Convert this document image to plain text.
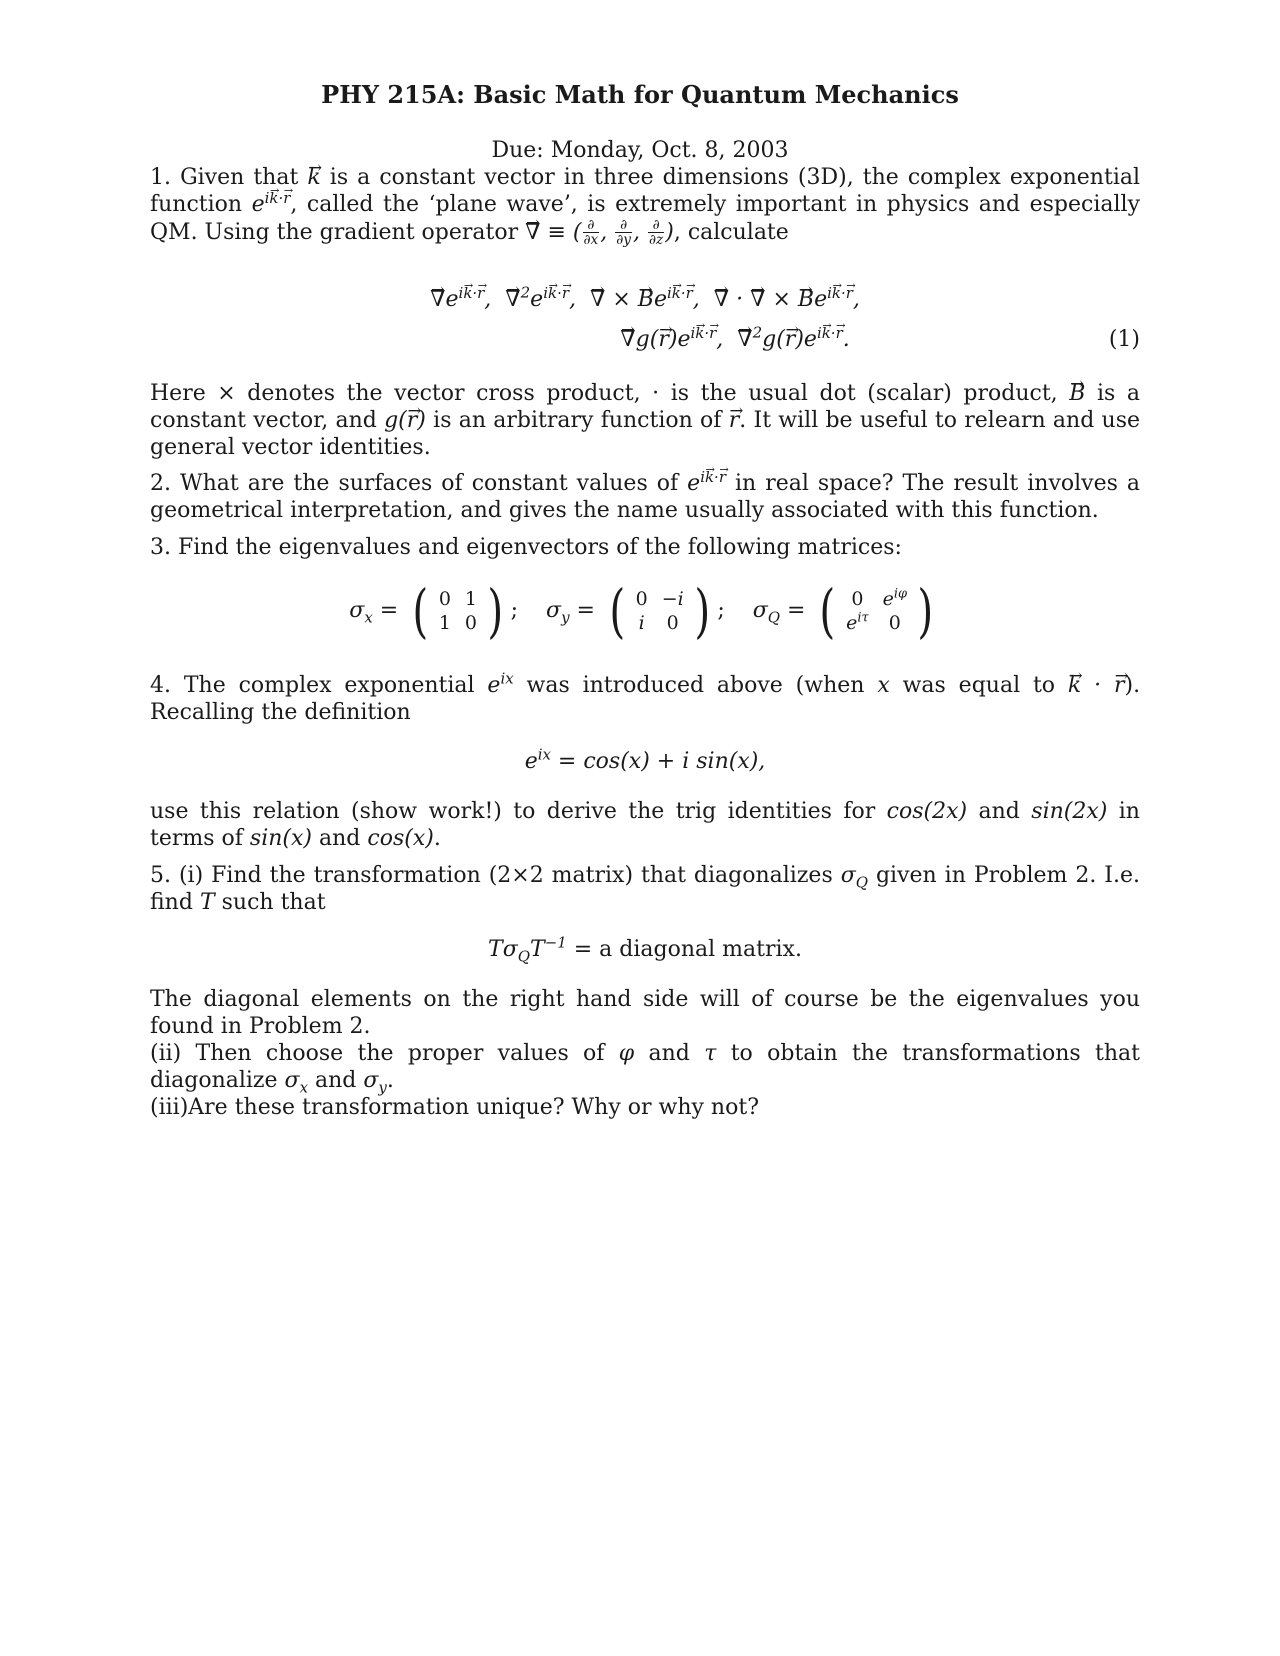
PHY 215A: Basic Math for Quantum Mechanics
Due: Monday, Oct. 8, 2003
1. Given that → k is a constant vector in three dimensions (3D), the complex exponential function $e^{ik\cdot r}$, called the ‘plane wave’, is extremely important in physics and especially QM. Using the gradient operator → ∇ ≡ ( $\frac{\partial}{\partial x}$ , $\frac{\partial}{\partial y}$ , $\frac{\partial}{\partial z}$ ), calculate
→ $\nabla e^{ik\cdot r}$,  → $\nabla^2e^{ik\cdot r}$,  → ∇ × → $Be^{ik\cdot r}$,  → ∇ · → ∇ × → $Be^{ik\cdot r}$,
→ $\nabla g(\to r)e^{ik\cdot r}$,  → $\nabla^2g(\to r)e^{ik\cdot r}$.	(1)
Here × denotes the vector cross product, · is the usual dot (scalar) product, → B is a constant vector, and g(→ r) is an arbitrary function of → r. It will be useful to relearn and use general vector identities.
2. What are the surfaces of constant values of $e^{ik\cdot r}$ in real space? The result involves a geometrical interpretation, and gives the name usually associated with this function.
3. Find the eigenvalues and eigenvectors of the following matrices:
$\sigma_x$ = ( 0	1
1	0 ) ;    $\sigma_y$ = ( 0	−i
i	0 ) ;    $\sigma_Q$ = ( 0	$e^{i\varphi}$
$e^{i\tau}$	0 )
4. The complex exponential $e^{ix}$ was introduced above (when x was equal to → k · → r). Recalling the definition
$e^{ix} = \cos(x) + i$ sin(x),
use this relation (show work!) to derive the trig identities for cos(2x) and sin(2x) in terms of sin(x) and cos(x).
5. (i) Find the transformation (2×2 matrix) that diagonalizes $\sigma_Q$ given in Problem 2. I.e. find T such that
$T\sigma_QT^{-1} = a$ diagonal matrix.
The diagonal elements on the right hand side will of course be the eigenvalues you found in Problem 2.
(ii) Then choose the proper values of φ and τ to obtain the transformations that diagonalize $\sigma_x$ and $\sigma_y$.
(iii)Are these transformation unique? Why or why not?
